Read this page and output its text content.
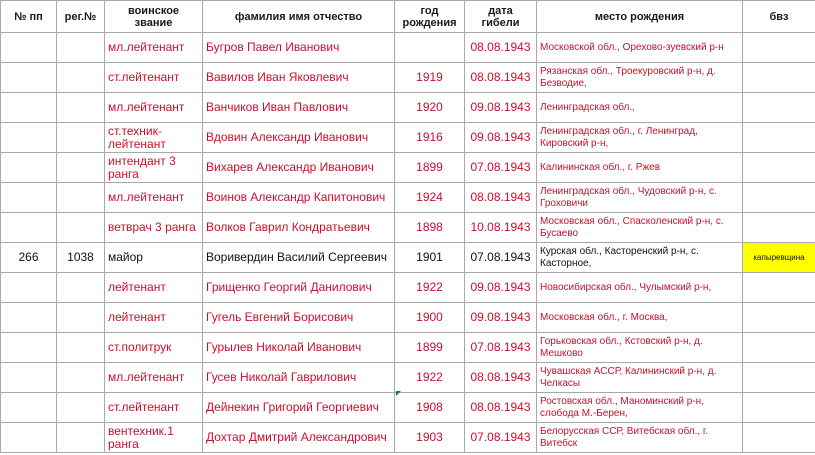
№ пп	рег.№	воинское звание	фамилия имя отчество	год рождения	дата гибели	место рождения	бвз
		мл.лейтенант	Бугров Павел Иванович		08.08.1943	Московской обл., Орехово-зуевский р-н	
		ст.лейтенант	Вавилов Иван Яковлевич	1919	08.08.1943	Рязанская обл., Троекуровский р-н, д. Безводие,	
		мл.лейтенант	Ванчиков Иван Павлович	1920	09.08.1943	Ленинградская обл.,	
		ст.техник-лейтенант	Вдовин Александр Иванович	1916	09.08.1943	Ленинградская обл., г. Ленинград, Кировский р-н,	
		интендант 3 ранга	Вихарев Александр Иванович	1899	07.08.1943	Калининская обл., г. Ржев	
		мл.лейтенант	Воинов Александр Капитонович	1924	08.08.1943	Ленинградская обл., Чудовский р-н, с. Гроховичи	
		ветврач 3 ранга	Волков Гаврил Кондратьевич	1898	10.08.1943	Московская обл., Спасколенский р-н, с. Бусаево	
266	1038	майор	Воривердин Василий Сергеевич	1901	07.08.1943	Курская обл., Касторенский р-н, с. Касторное,	капыревщина
		лейтенант	Грищенко Георгий Данилович	1922	09.08.1943	Новосибирская обл., Чулымский р-н,	
		лейтенант	Гугель Евгений Борисович	1900	09.08.1943	Московская обл., г. Москва,	
		ст.политрук	Гурылев Николай Иванович	1899	07.08.1943	Горьковская обл., Кстовский р-н, д. Мешково	
		мл.лейтенант	Гусев Николай Гаврилович	1922	08.08.1943	Чувашская АССР, Калининский р-н, д. Челкасы	
		ст.лейтенант	Дейнекин Григорий Георгиевич	1908	08.08.1943	Ростовская обл., Маноминский р-н, слобода М.-Берен,	
		вентехник.1 ранга	Дохтар Дмитрий Александрович	1903	07.08.1943	Белорусская ССР, Витебская обл., г. Витебск	
